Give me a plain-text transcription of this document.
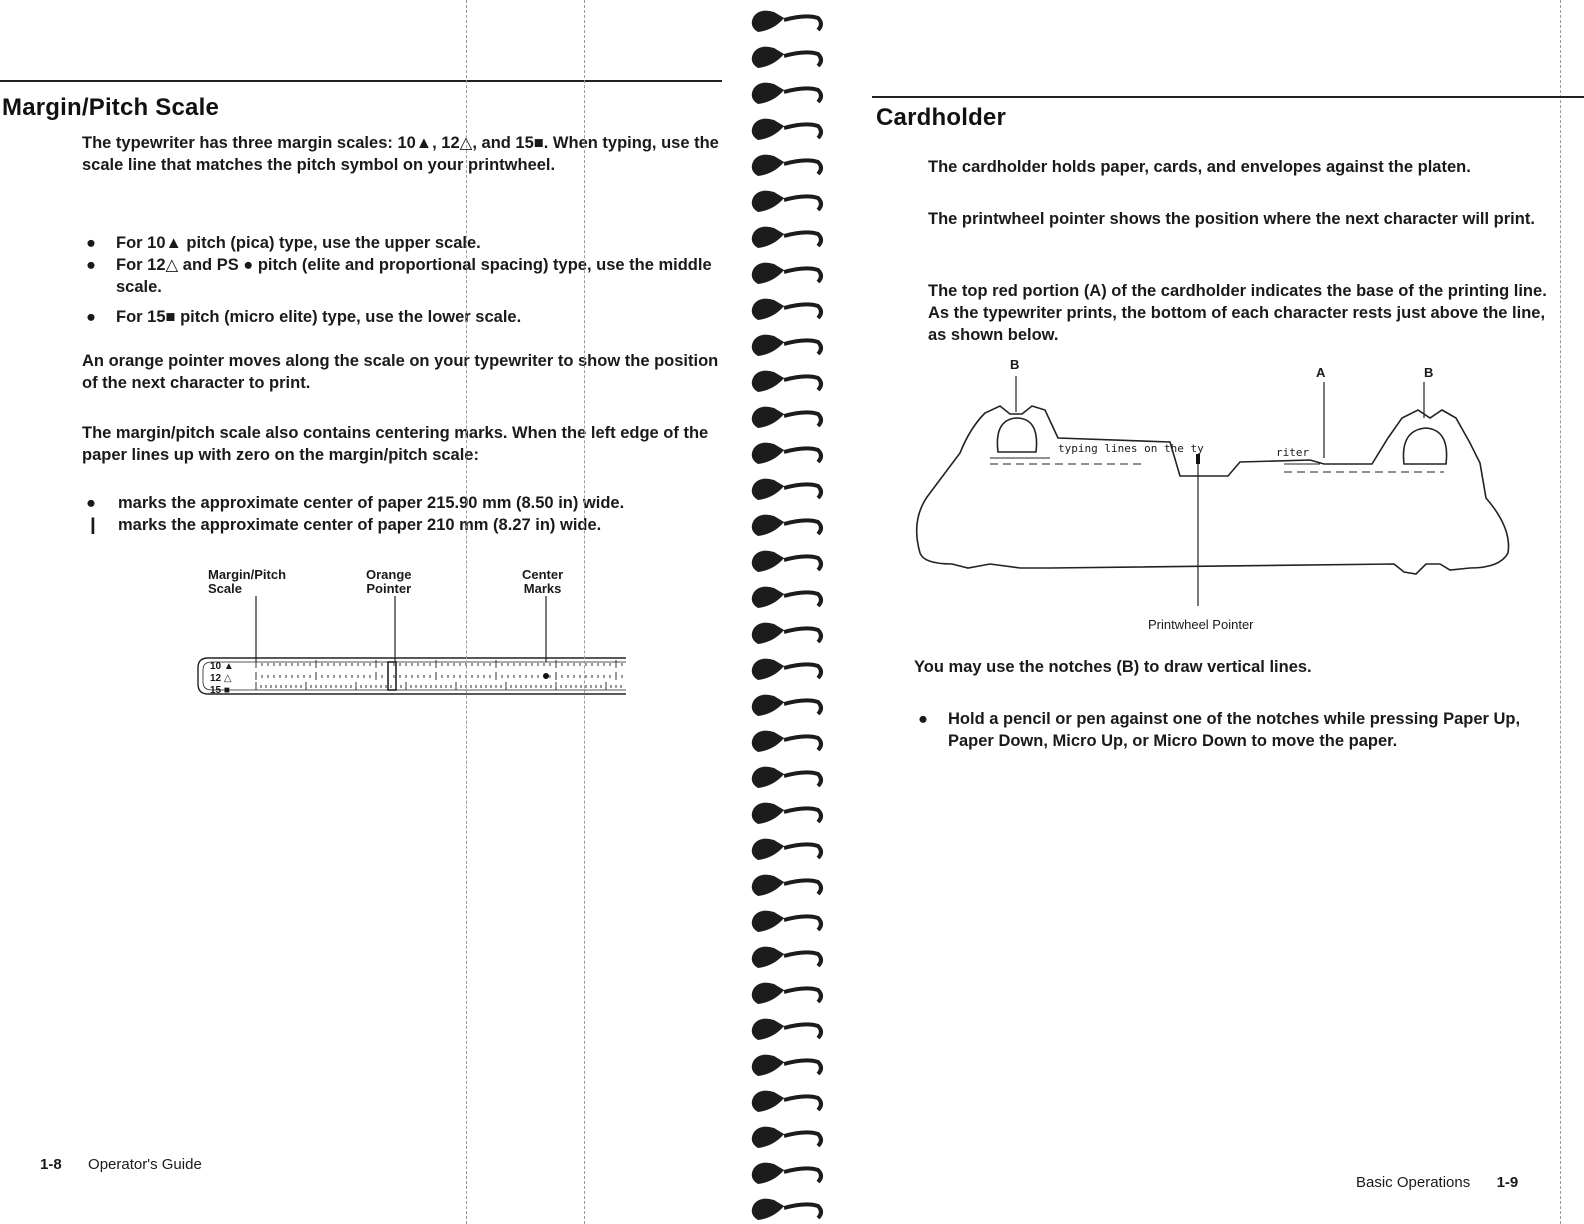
Margin/Pitch Scale

The typewriter has three margin scales: 10▲, 12△, and 15■. When typing, use the scale line that matches the pitch symbol on your printwheel.

● For 10▲ pitch (pica) type, use the upper scale.
● For 12△ and PS ● pitch (elite and proportional spacing) type, use the middle scale.
● For 15■ pitch (micro elite) type, use the lower scale.

An orange pointer moves along the scale on your typewriter to show the position of the next character to print.

The margin/pitch scale also contains centering marks. When the left edge of the paper lines up with zero on the margin/pitch scale:

● marks the approximate center of paper 215.90 mm (8.50 in) wide.
❙ marks the approximate center of paper 210 mm (8.27 in) wide.
Margin/Pitch
Scale
Orange
Pointer
Center
Marks
10 ▲
12 △
15 ■
1-8 Operator's Guide
Cardholder

The cardholder holds paper, cards, and envelopes against the platen.

The printwheel pointer shows the position where the next character will print.

The top red portion (A) of the cardholder indicates the base of the printing line. As the typewriter prints, the bottom of each character rests just above the line, as shown below.

B
A	B
typing lines on the ty	riter
Printwheel Pointer

You may use the notches (B) to draw vertical lines.

● Hold a pencil or pen against one of the notches while pressing Paper Up, Paper Down, Micro Up, or Micro Down to move the paper.
Basic Operations 1-9
